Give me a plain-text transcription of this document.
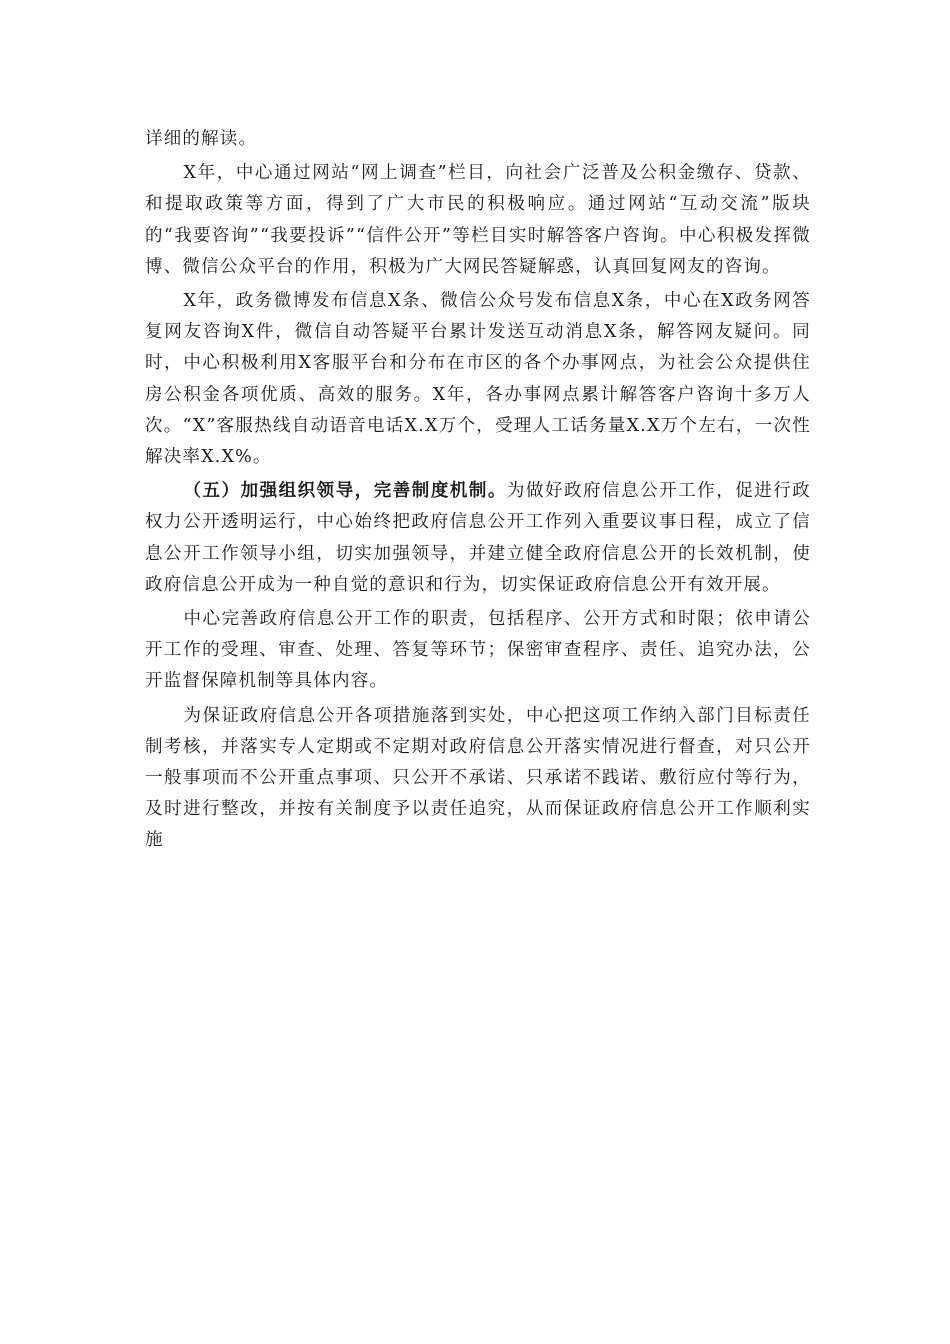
详细的解读。

X年，中心通过网站“网上调查”栏目，向社会广泛普及公积金缴存、贷款、和提取政策等方面，得到了广大市民的积极响应。通过网站“互动交流”版块的“我要咨询”“我要投诉”“信件公开”等栏目实时解答客户咨询。中心积极发挥微博、微信公众平台的作用，积极为广大网民答疑解惑，认真回复网友的咨询。

X年，政务微博发布信息X条、微信公众号发布信息X条，中心在X政务网答复网友咨询X件，微信自动答疑平台累计发送互动消息X条，解答网友疑问。同时，中心积极利用X客服平台和分布在市区的各个办事网点，为社会公众提供住房公积金各项优质、高效的服务。X年，各办事网点累计解答客户咨询十多万人次。“X”客服热线自动语音电话X.X万个，受理人工话务量X.X万个左右，一次性解决率X.X%。

（五）加强组织领导，完善制度机制。为做好政府信息公开工作，促进行政权力公开透明运行，中心始终把政府信息公开工作列入重要议事日程，成立了信息公开工作领导小组，切实加强领导，并建立健全政府信息公开的长效机制，使政府信息公开成为一种自觉的意识和行为，切实保证政府信息公开有效开展。

中心完善政府信息公开工作的职责，包括程序、公开方式和时限；依申请公开工作的受理、审查、处理、答复等环节；保密审查程序、责任、追究办法，公开监督保障机制等具体内容。

为保证政府信息公开各项措施落到实处，中心把这项工作纳入部门目标责任制考核，并落实专人定期或不定期对政府信息公开落实情况进行督查，对只公开一般事项而不公开重点事项、只公开不承诺、只承诺不践诺、敷衍应付等行为，及时进行整改，并按有关制度予以责任追究，从而保证政府信息公开工作顺利实施
